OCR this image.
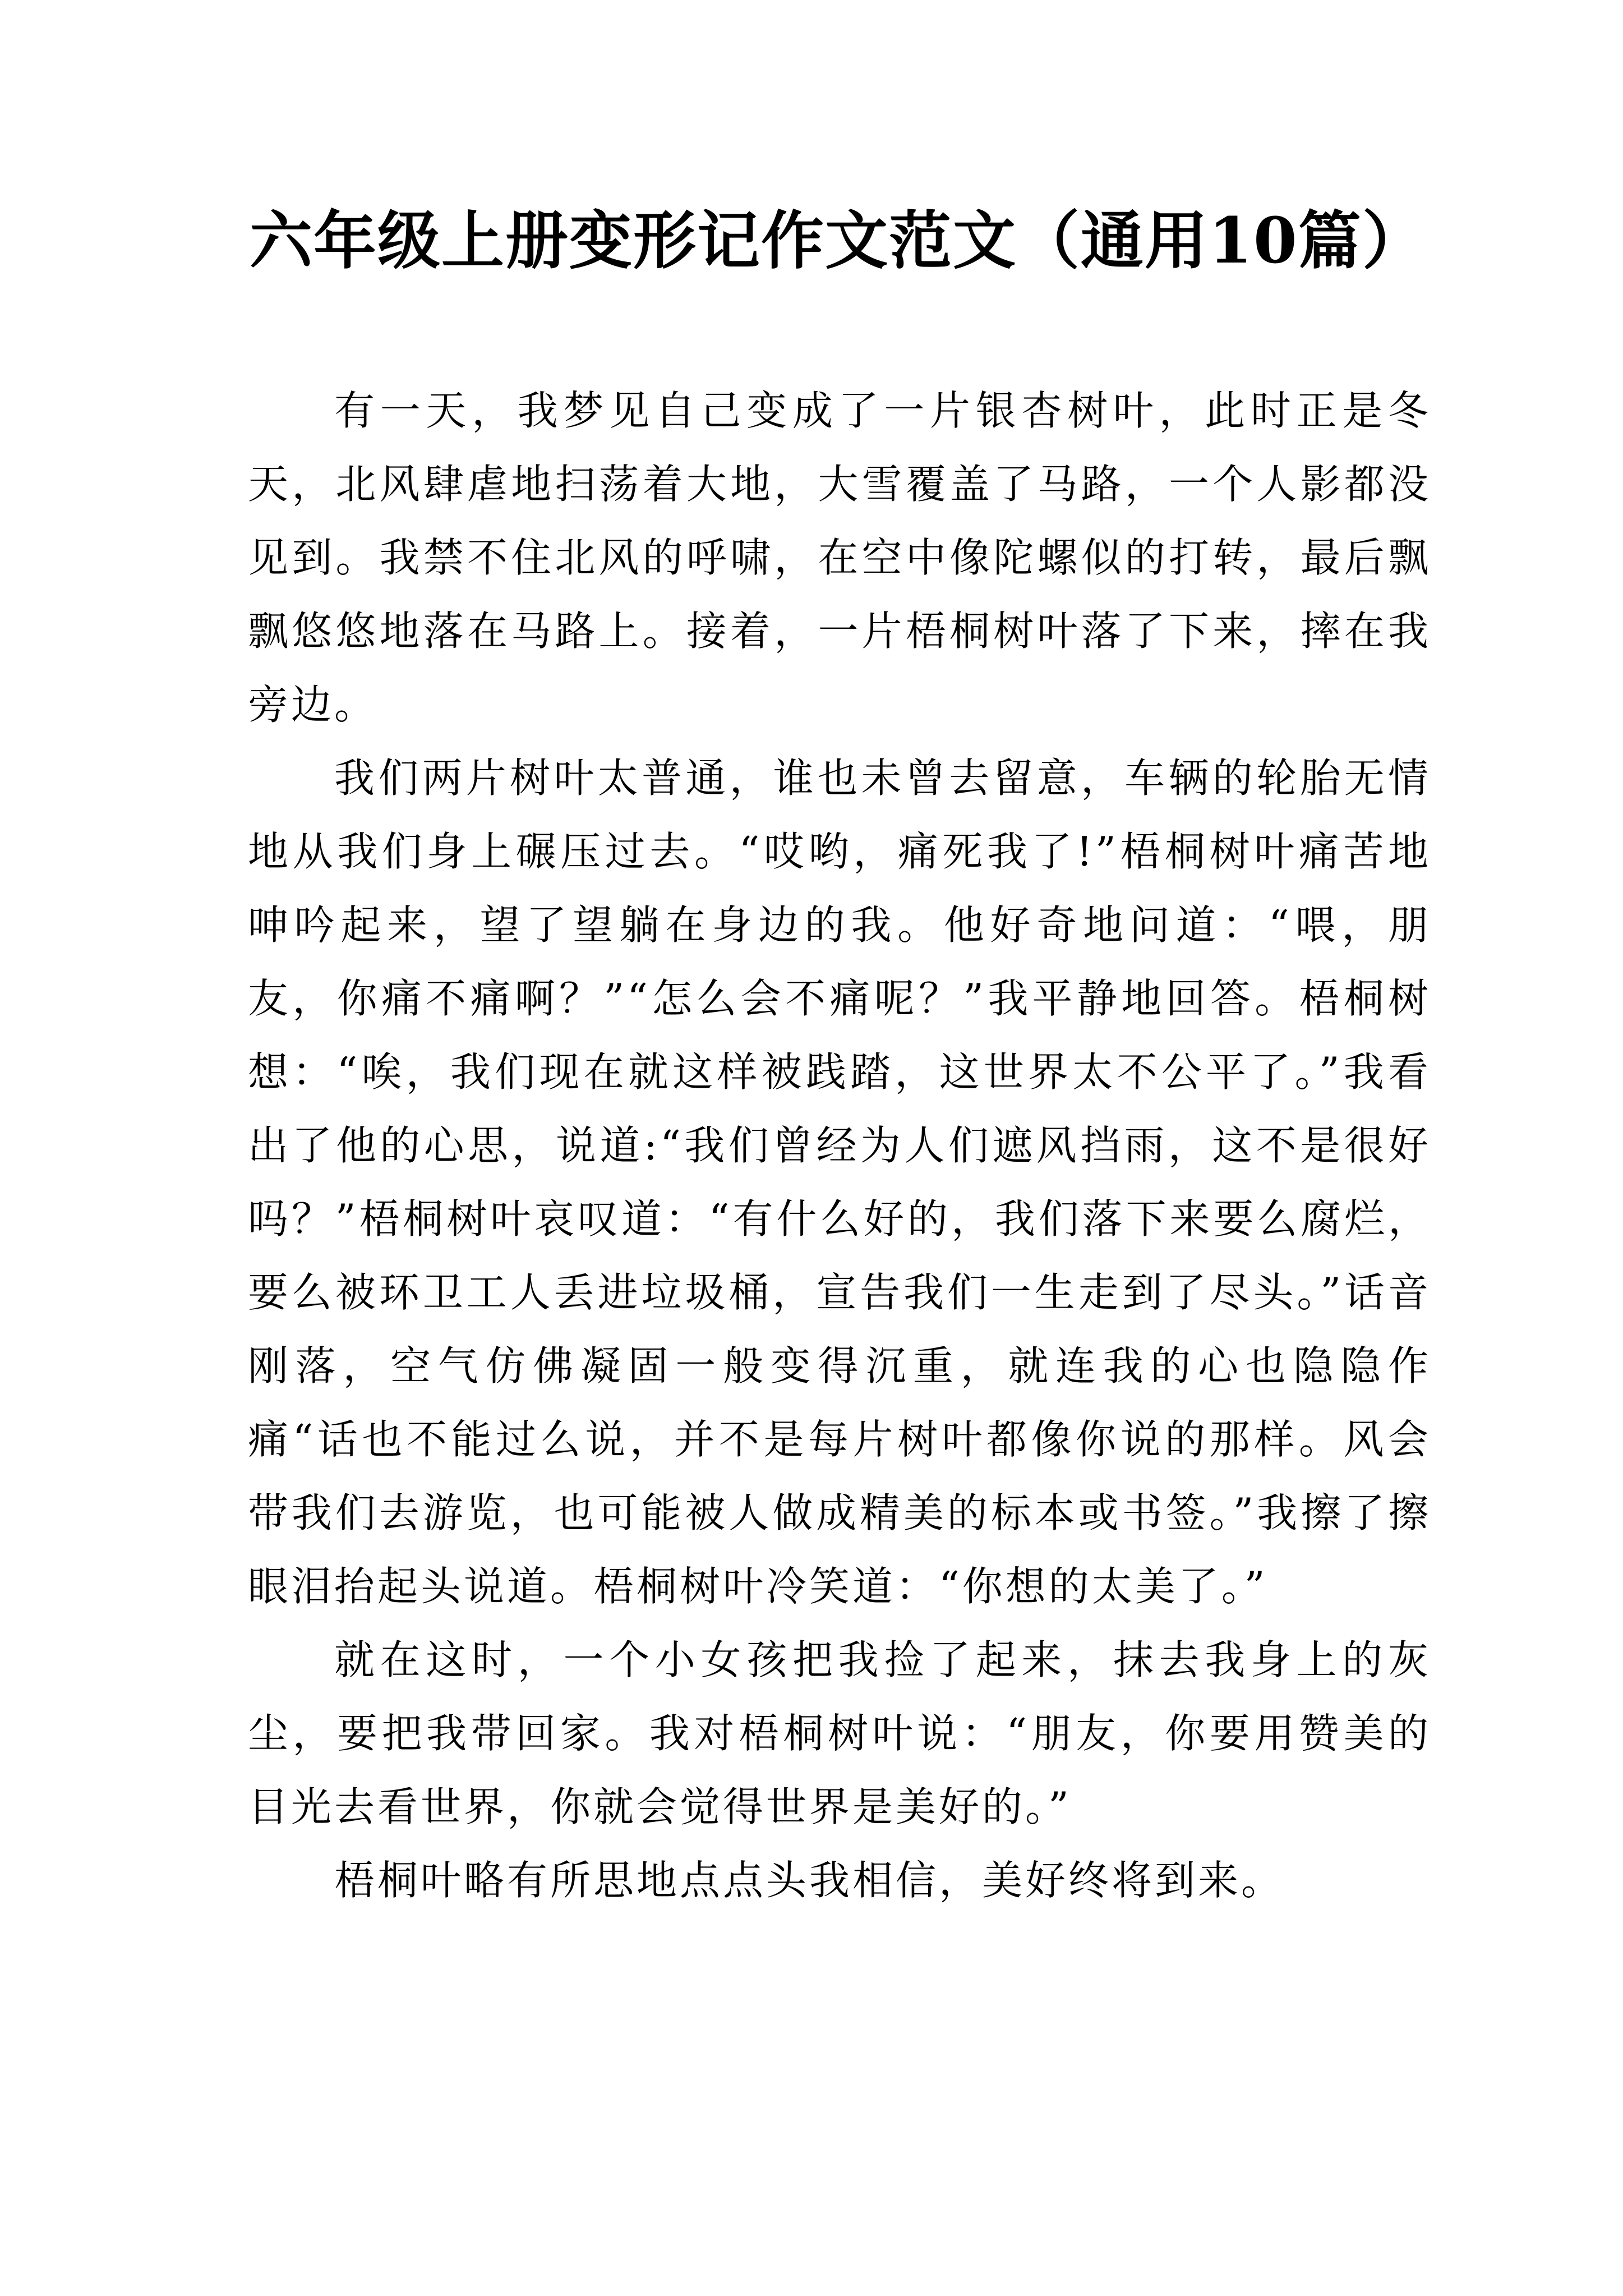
六年级上册变形记作文范文（通用10篇）

有一天，我梦见自己变成了一片银杏树叶，此时正是冬天，北风肆虐地扫荡着大地，大雪覆盖了马路，一个人影都没见到。我禁不住北风的呼啸，在空中像陀螺似的打转，最后飘飘悠悠地落在马路上。接着，一片梧桐树叶落了下来，摔在我旁边。

我们两片树叶太普通，谁也未曾去留意，车辆的轮胎无情地从我们身上碾压过去。“哎哟，痛死我了!”梧桐树叶痛苦地呻吟起来，望了望躺在身边的我。他好奇地问道：“喂，朋友，你痛不痛啊？”“怎么会不痛呢？”我平静地回答。梧桐树想：“唉，我们现在就这样被践踏，这世界太不公平了。”我看出了他的心思，说道:“我们曾经为人们遮风挡雨，这不是很好吗？”梧桐树叶哀叹道：“有什么好的，我们落下来要么腐烂，要么被环卫工人丢进垃圾桶，宣告我们一生走到了尽头。”话音刚落，空气仿佛凝固一般变得沉重，就连我的心也隐隐作痛“话也不能过么说，并不是每片树叶都像你说的那样。风会带我们去游览，也可能被人做成精美的标本或书签。”我擦了擦眼泪抬起头说道。梧桐树叶冷笑道：“你想的太美了。”

就在这时，一个小女孩把我捡了起来，抹去我身上的灰尘，要把我带回家。我对梧桐树叶说：“朋友，你要用赞美的目光去看世界，你就会觉得世界是美好的。”

梧桐叶略有所思地点点头我相信，美好终将到来。
